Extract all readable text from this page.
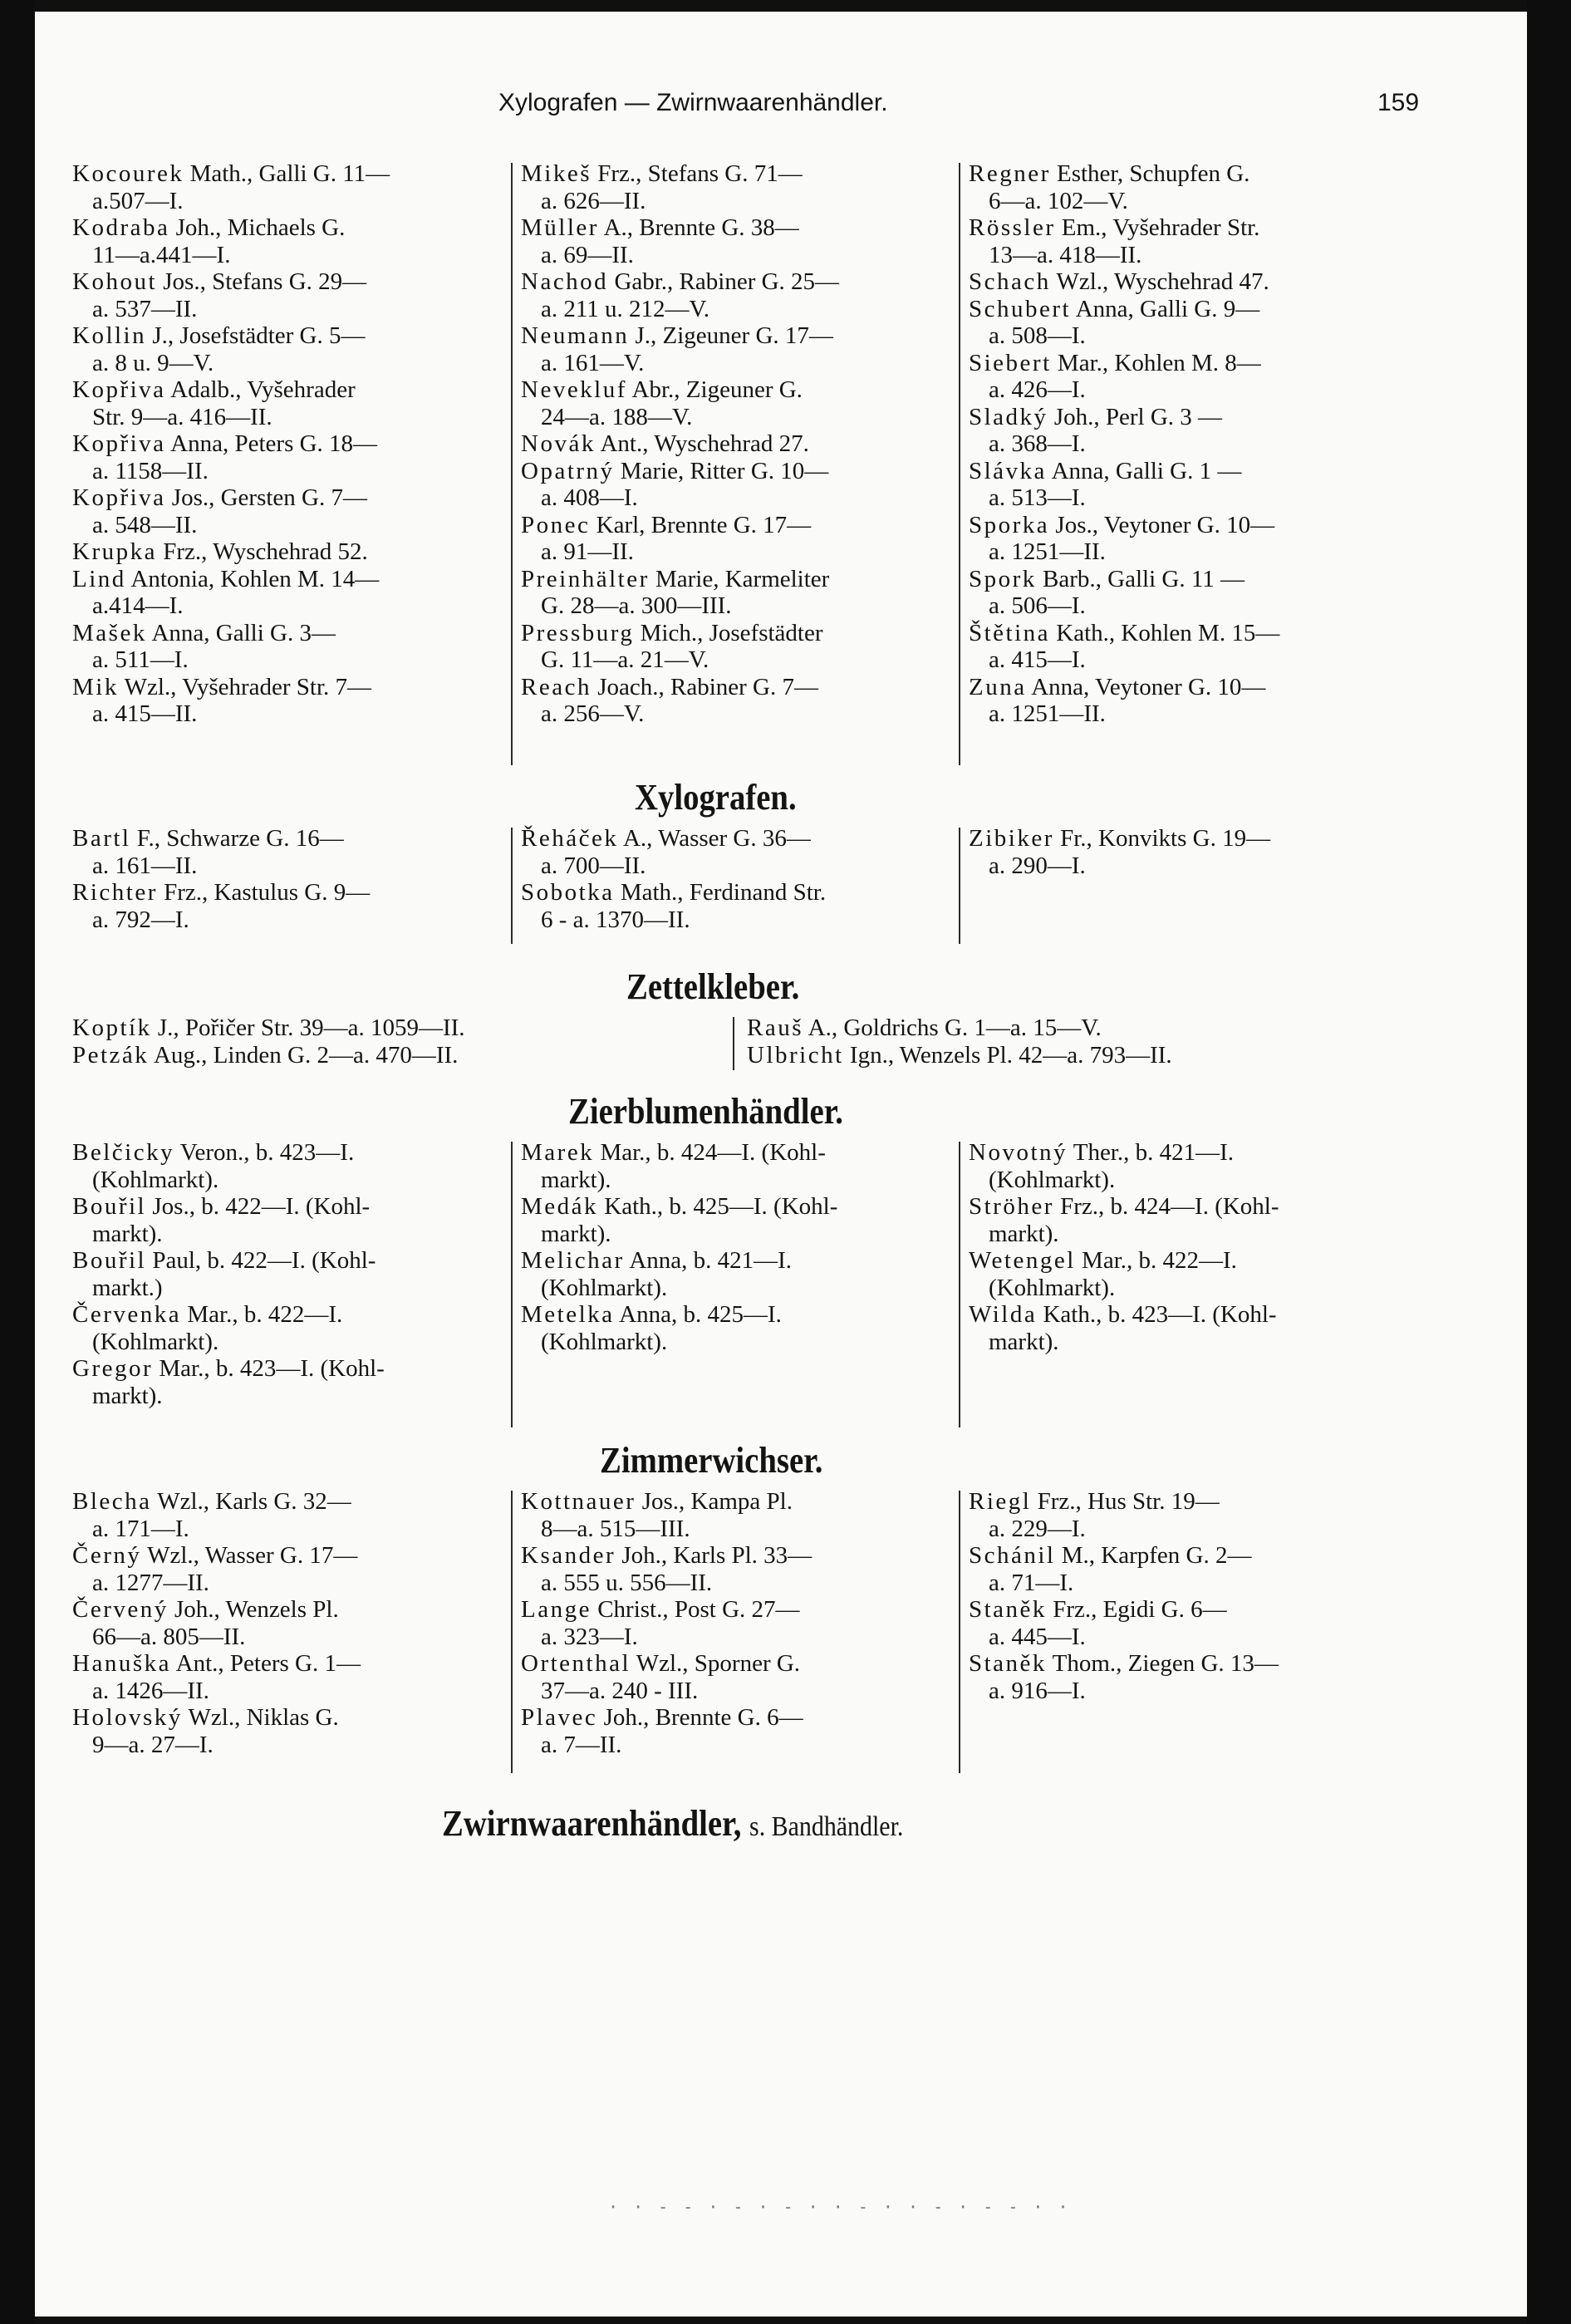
Xylografen — Zwirnwaarenhändler.	159
Kocourek Math., Galli G. 11—
a.507—I.
Kodraba Joh., Michaels G.
11—a.441—I.
Kohout Jos., Stefans G. 29—
a. 537—II.
Kollin J., Josefstädter G. 5—
a. 8 u. 9—V.
Kopřiva Adalb., Vyšehrader
Str. 9—a. 416—II.
Kopřiva Anna, Peters G. 18—
a. 1158—II.
Kopřiva Jos., Gersten G. 7—
a. 548—II.
Krupka Frz., Wyschehrad 52.
Lind Antonia, Kohlen M. 14—
a.414—I.
Mašek Anna, Galli G. 3—
a. 511—I.
Mik Wzl., Vyšehrader Str. 7—
a. 415—II.
Mikeš Frz., Stefans G. 71—
a. 626—II.
Müller A., Brennte G. 38—
a. 69—II.
Nachod Gabr., Rabiner G. 25—
a. 211 u. 212—V.
Neumann J., Zigeuner G. 17—
a. 161—V.
Nevekluf Abr., Zigeuner G.
24—a. 188—V.
Novák Ant., Wyschehrad 27.
Opatrný Marie, Ritter G. 10—
a. 408—I.
Ponec Karl, Brennte G. 17—
a. 91—II.
Preinhälter Marie, Karmeliter
G. 28—a. 300—III.
Pressburg Mich., Josefstädter
G. 11—a. 21—V.
Reach Joach., Rabiner G. 7—
a. 256—V.
Regner Esther, Schupfen G.
6—a. 102—V.
Rössler Em., Vyšehrader Str.
13—a. 418—II.
Schach Wzl., Wyschehrad 47.
Schubert Anna, Galli G. 9—
a. 508—I.
Siebert Mar., Kohlen M. 8—
a. 426—I.
Sladký Joh., Perl G. 3 —
a. 368—I.
Slávka Anna, Galli G. 1 —
a. 513—I.
Sporka Jos., Veytoner G. 10—
a. 1251—II.
Spork Barb., Galli G. 11 —
a. 506—I.
Štětina Kath., Kohlen M. 15—
a. 415—I.
Zuna Anna, Veytoner G. 10—
a. 1251—II.
Xylografen.
Bartl F., Schwarze G. 16—
a. 161—II.
Richter Frz., Kastulus G. 9—
a. 792—I.
Řeháček A., Wasser G. 36—
a. 700—II.
Sobotka Math., Ferdinand Str.
6 - a. 1370—II.
Zibiker Fr., Konvikts G. 19—
a. 290—I.
Zettelkleber.
Koptík J., Pořičer Str. 39—a. 1059—II.
Petzák Aug., Linden G. 2—a. 470—II.
Rauš A., Goldrichs G. 1—a. 15—V.
Ulbricht Ign., Wenzels Pl. 42—a. 793—II.
Zierblumenhändler.
Belčicky Veron., b. 423—I.
(Kohlmarkt).
Bouřil Jos., b. 422—I. (Kohl-
markt).
Bouřil Paul, b. 422—I. (Kohl-
markt.)
Červenka Mar., b. 422—I.
(Kohlmarkt).
Gregor Mar., b. 423—I. (Kohl-
markt).
Marek Mar., b. 424—I. (Kohl-
markt).
Medák Kath., b. 425—I. (Kohl-
markt).
Melichar Anna, b. 421—I.
(Kohlmarkt).
Metelka Anna, b. 425—I.
(Kohlmarkt).
Novotný Ther., b. 421—I.
(Kohlmarkt).
Ströher Frz., b. 424—I. (Kohl-
markt).
Wetengel Mar., b. 422—I.
(Kohlmarkt).
Wilda Kath., b. 423—I. (Kohl-
markt).
Zimmerwichser.
Blecha Wzl., Karls G. 32—
a. 171—I.
Černý Wzl., Wasser G. 17—
a. 1277—II.
Červený Joh., Wenzels Pl.
66—a. 805—II.
Hanuška Ant., Peters G. 1—
a. 1426—II.
Holovský Wzl., Niklas G.
9—a. 27—I.
Kottnauer Jos., Kampa Pl.
8—a. 515—III.
Ksander Joh., Karls Pl. 33—
a. 555 u. 556—II.
Lange Christ., Post G. 27—
a. 323—I.
Ortenthal Wzl., Sporner G.
37—a. 240 - III.
Plavec Joh., Brennte G. 6—
a. 7—II.
Riegl Frz., Hus Str. 19—
a. 229—I.
Schánil M., Karpfen G. 2—
a. 71—I.
Staněk Frz., Egidi G. 6—
a. 445—I.
Staněk Thom., Ziegen G. 13—
a. 916—I.
Zwirnwaarenhändler, s. Bandhändler.
· · - - · - · - · · - · · - · - - · ·
